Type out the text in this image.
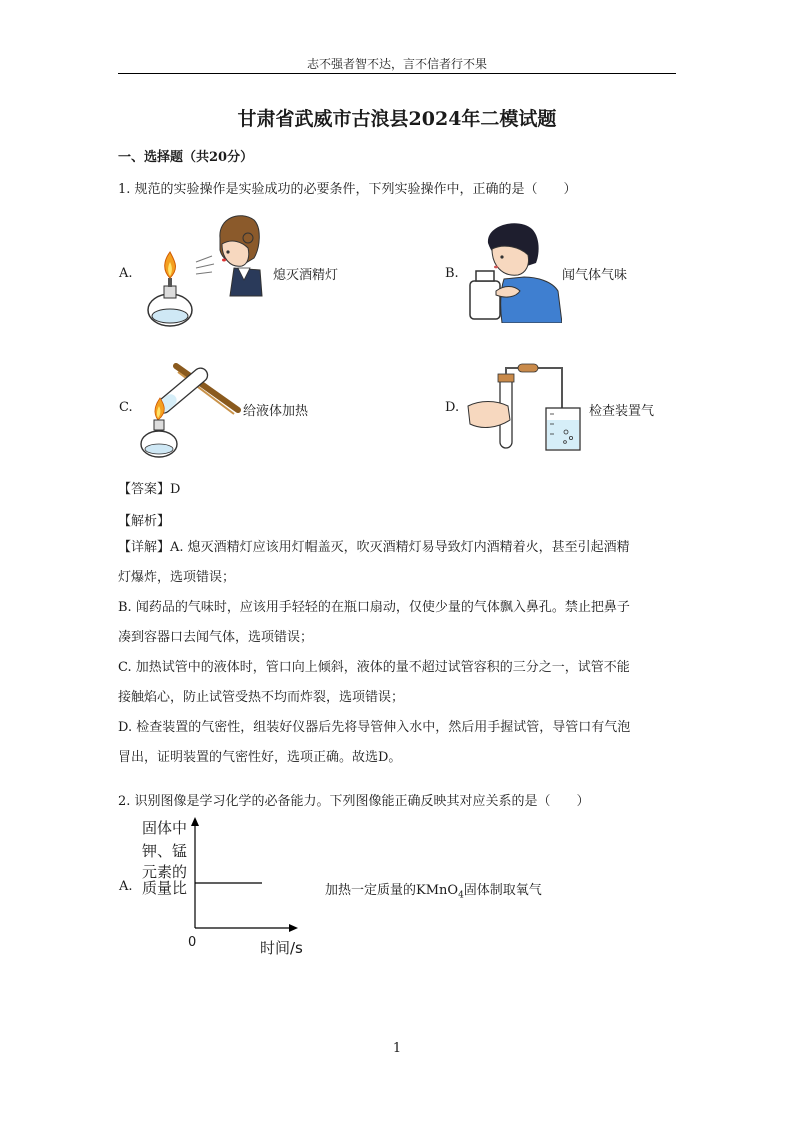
志不强者智不达，言不信者行不果
甘肃省武威市古浪县2024年二模试题
一、选择题（共20分）
1. 规范的实验操作是实验成功的必要条件，下列实验操作中，正确的是（　　）
A.	熄灭酒精灯	B.	闻气体气味
C.	给液体加热	D.	检查装置气
【答案】D
【解析】
【详解】A. 熄灭酒精灯应该用灯帽盖灭，吹灭酒精灯易导致灯内酒精着火，甚至引起酒精
灯爆炸，选项错误；
B. 闻药品的气味时，应该用手轻轻的在瓶口扇动，仅使少量的气体飘入鼻孔。禁止把鼻子
凑到容器口去闻气体，选项错误；
C. 加热试管中的液体时，管口向上倾斜，液体的量不超过试管容积的三分之一，试管不能
接触焰心，防止试管受热不均而炸裂，选项错误；
D. 检查装置的气密性，组装好仪器后先将导管伸入水中，然后用手握试管，导管口有气泡
冒出，证明装置的气密性好，选项正确。故选D。
2. 识别图像是学习化学的必备能力。下列图像能正确反映其对应关系的是（　　）
A.
固体中
钾、锰
元素的
质量比
0	时间/s
加热一定质量的KMnO$_4$固体制取氧气
1
